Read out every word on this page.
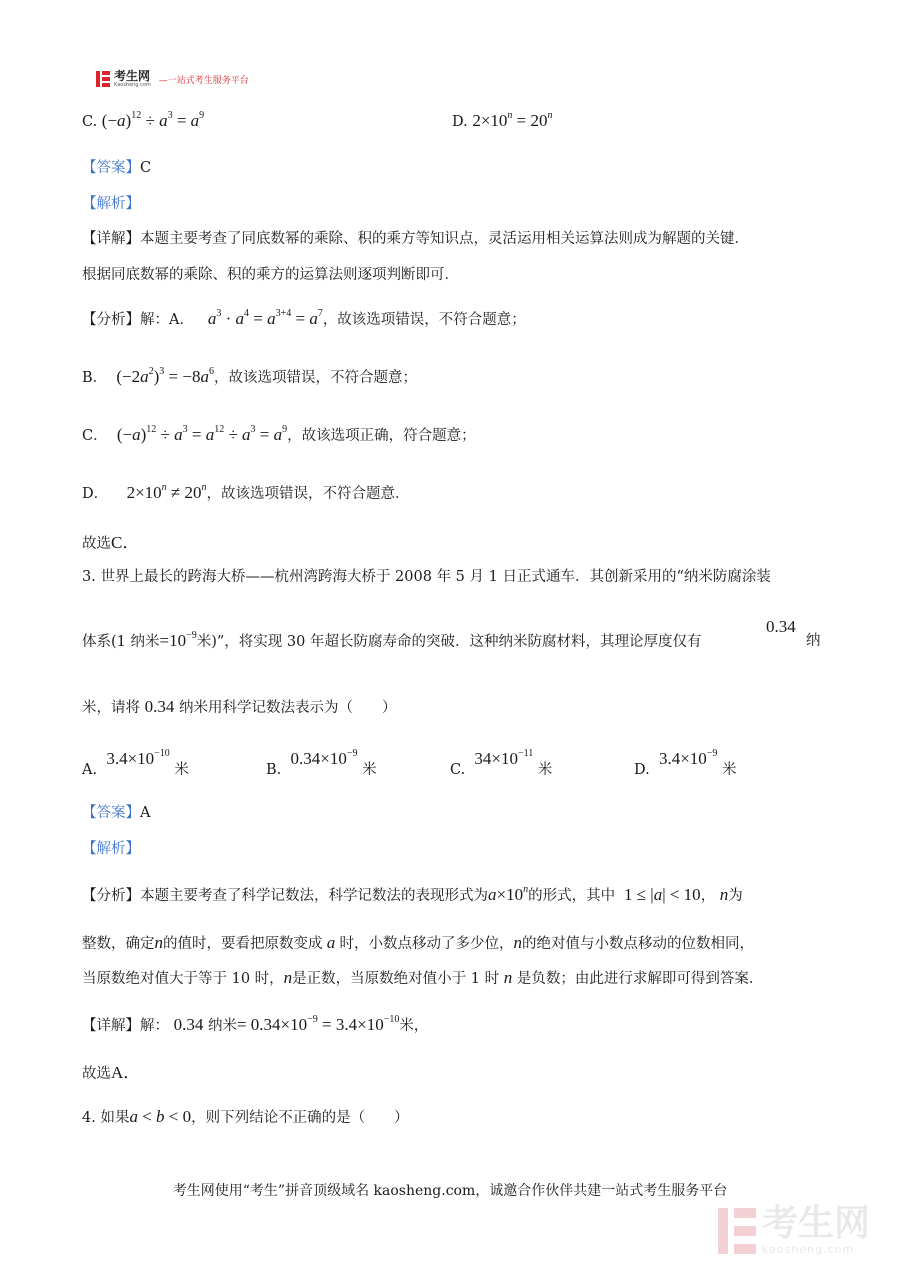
考生网
Kaosheng.com —一站式考生服务平台
C. $(-a)^{12} \div a^3 = a^9$	D. $2\times 10^n = 20^n$
【答案】C
【解析】
【详解】本题主要考查了同底数幂的乘除、积的乘方等知识点，灵活运用相关运算法则成为解题的关键．
根据同底数幂的乘除、积的乘方的运算法则逐项判断即可．
【分析】解：A． $a^3 \cdot a^4 = a^{3+4} = a^7$，故该选项错误，不符合题意；
B． $(-2a^2)^3 = -8a^6$，故该选项错误，不符合题意；
C． $(-a)^{12} \div a^3 = a^{12} \div a^3 = a^9$，故该选项正确，符合题意；
D． $2\times 10^n \ne 20^n$，故该选项错误，不符合题意．
故选C．
3. 世界上最长的跨海大桥——杭州湾跨海大桥于 2008 年 5 月 1 日正式通车．其创新采用的“纳米防腐涂装
体系(1 纳米$=10^{-9}$米)”，将实现 30 年超长防腐寿命的突破．这种纳米防腐材料，其理论厚度仅有
0.34
纳
米，请将 0.34 纳米用科学记数法表示为（　　）
A.  $3.4\times 10^{-10}$ 米	B.  $0.34\times 10^{-9}$ 米	C.  $34\times 10^{-11}$ 米	D.  $3.4\times 10^{-9}$ 米
【答案】A
【解析】
【分析】本题主要考查了科学记数法，科学记数法的表现形式为$a\times 10^n$的形式，其中  1 ≤ |a| < 10， n为
整数，确定n的值时，要看把原数变成 a 时，小数点移动了多少位，n的绝对值与小数点移动的位数相同，
当原数绝对值大于等于 10 时，n是正数，当原数绝对值小于 1 时 n 是负数；由此进行求解即可得到答案．
【详解】解： 0.34 纳米= $0.34\times 10^{-9} = 3.4\times 10^{-10}$米，
故选A．
4. 如果a < b < 0，则下列结论不正确的是（　　）
考生网使用“考生”拼音顶级域名 kaosheng.com，诚邀合作伙伴共建一站式考生服务平台
考生网
kaosheng.com
